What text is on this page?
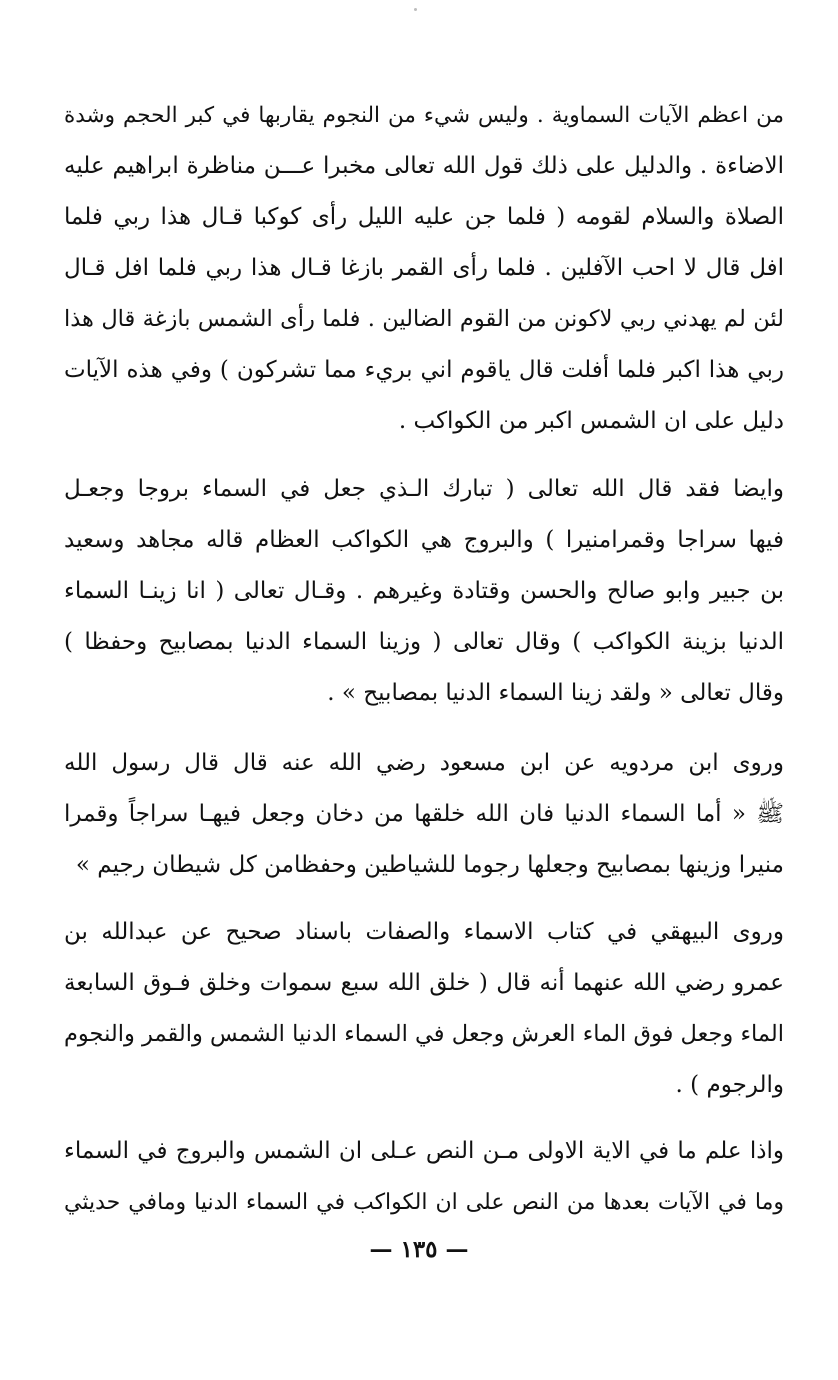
من اعظم الآيات السماوية . وليس شيء من النجوم يقاربها في كبر الحجم وشدة
الاضاءة . والدليل على ذلك قول الله تعالى مخبرا عـــن مناظرة ابراهيم عليه
الصلاة والسلام لقومه ( فلما جن عليه الليل رأى كوكبا قـال هذا ربي فلما
افل قال لا احب الآفلين . فلما رأى القمر بازغا قـال هذا ربي فلما افل قـال
لئن لم يهدني ربي لاكونن من القوم الضالين . فلما رأى الشمس بازغة قال هذا
ربي هذا اكبر فلما أفلت قال ياقوم اني بريء مما تشركون ) وفي هذه الآيات
دليل على ان الشمس اكبر من الكواكب .
وايضا فقد قال الله تعالى ( تبارك الـذي جعل في السماء بروجا وجعـل
فيها سراجا وقمرامنيرا ) والبروج هي الكواكب العظام قاله مجاهد وسعيد
بن جبير وابو صالح والحسن وقتادة وغيرهم . وقـال تعالى ( انا زينـا السماء
الدنيا بزينة الكواكب ) وقال تعالى ( وزينا السماء الدنيا بمصابيح وحفظا )
وقال تعالى « ولقد زينا السماء الدنيا بمصابيح » .
وروى ابن مردويه عن ابن مسعود رضي الله عنه قال قال رسول الله
ﷺ « أما السماء الدنيا فان الله خلقها من دخان وجعل فيهـا سراجاً وقمرا
منيرا وزينها بمصابيح وجعلها رجوما للشياطين وحفظامن كل شيطان رجيم »
وروى البيهقي في كتاب الاسماء والصفات باسناد صحيح عن عبدالله بن
عمرو رضي الله عنهما أنه قال ( خلق الله سبع سموات وخلق فـوق السابعة
الماء وجعل فوق الماء العرش وجعل في السماء الدنيا الشمس والقمر والنجوم
والرجوم ) .
واذا علم ما في الاية الاولى مـن النص عـلى ان الشمس والبروج في السماء
وما في الآيات بعدها من النص على ان الكواكب في السماء الدنيا ومافي حديثي
— ١٣٥ —
